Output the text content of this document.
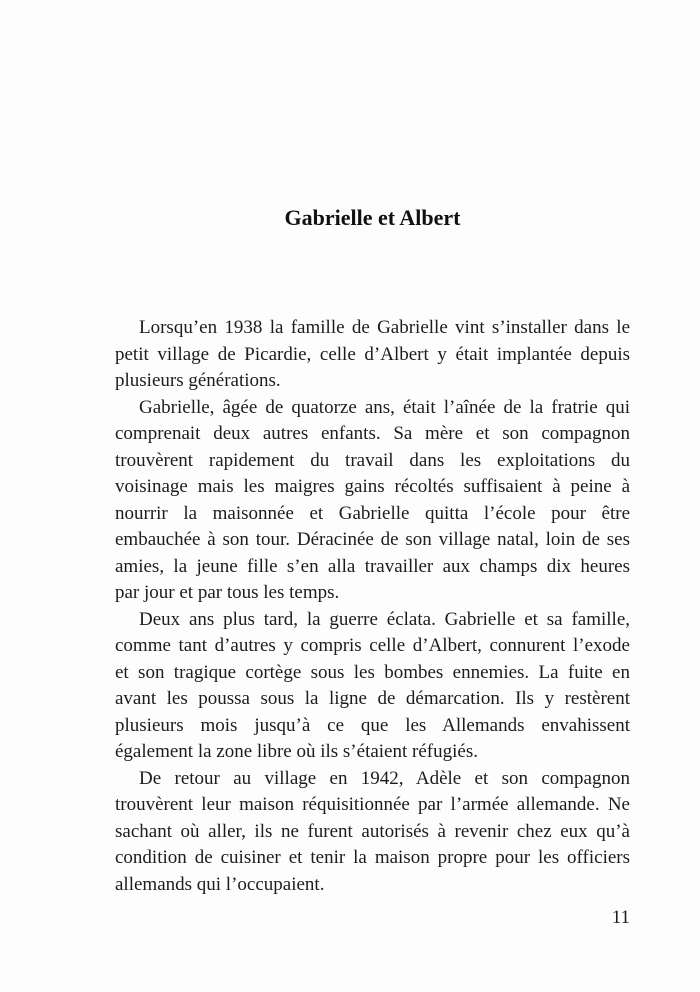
Gabrielle et Albert
Lorsqu’en 1938 la famille de Gabrielle vint s’installer dans le
petit village de Picardie, celle d’Albert y était implantée depuis
plusieurs générations.
Gabrielle, âgée de quatorze ans, était l’aînée de la fratrie qui
comprenait deux autres enfants. Sa mère et son compagnon
trouvèrent rapidement du travail dans les exploitations du
voisinage mais les maigres gains récoltés suffisaient à peine à
nourrir la maisonnée et Gabrielle quitta l’école pour être
embauchée à son tour. Déracinée de son village natal, loin de ses
amies, la jeune fille s’en alla travailler aux champs dix heures
par jour et par tous les temps.
Deux ans plus tard, la guerre éclata. Gabrielle et sa famille,
comme tant d’autres y compris celle d’Albert, connurent l’exode
et son tragique cortège sous les bombes ennemies. La fuite en
avant les poussa sous la ligne de démarcation. Ils y restèrent
plusieurs mois jusqu’à ce que les Allemands envahissent
également la zone libre où ils s’étaient réfugiés.
De retour au village en 1942, Adèle et son compagnon
trouvèrent leur maison réquisitionnée par l’armée allemande. Ne
sachant où aller, ils ne furent autorisés à revenir chez eux qu’à
condition de cuisiner et tenir la maison propre pour les officiers
allemands qui l’occupaient.
11
